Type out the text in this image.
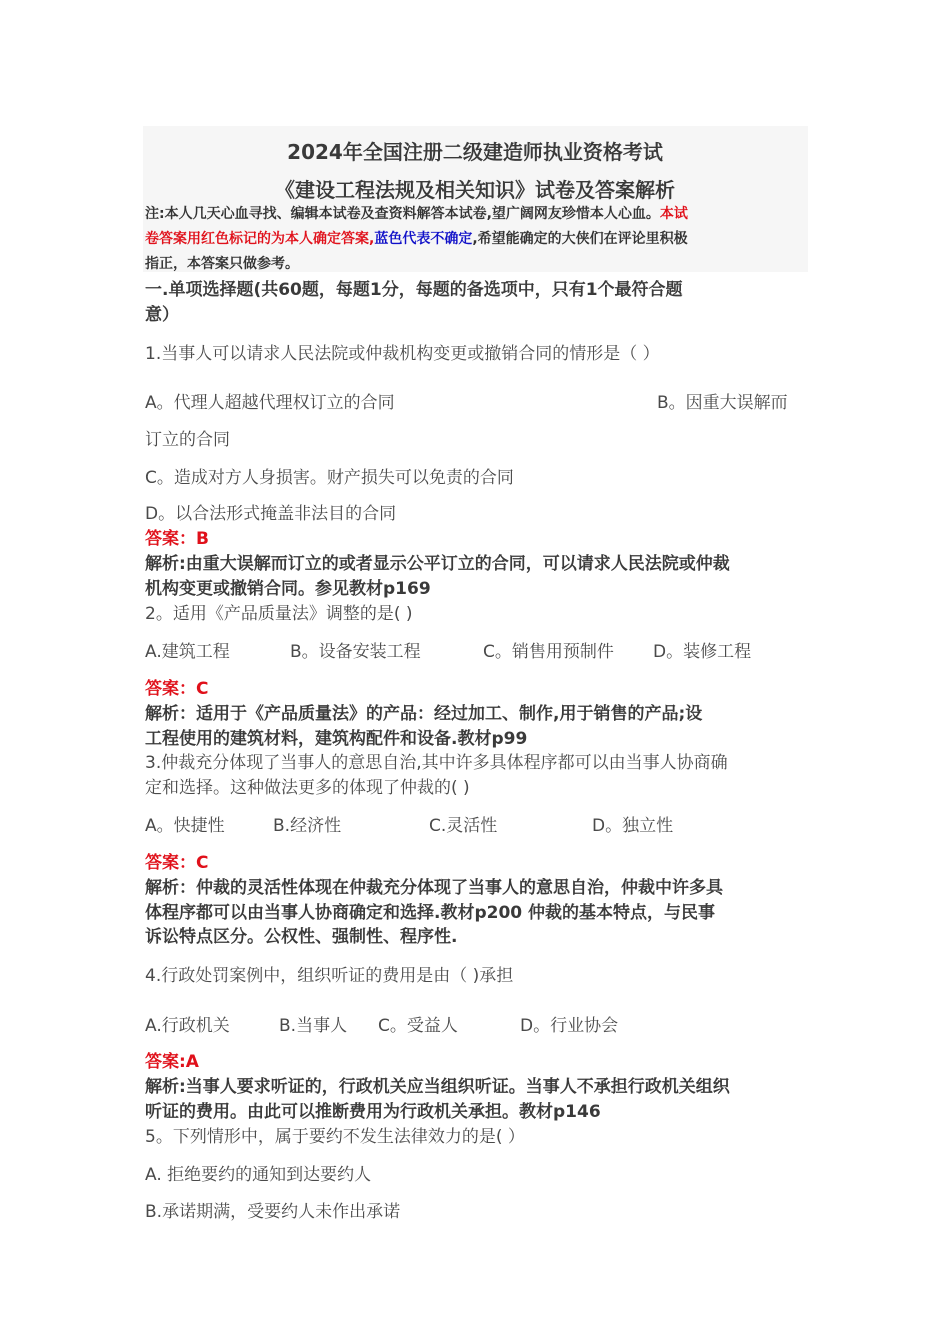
2024年全国注册二级建造师执业资格考试
《建设工程法规及相关知识》试卷及答案解析
注:本人几天心血寻找、编辑本试卷及查资料解答本试卷,望广阔网友珍惜本人心血。本试
卷答案用红色标记的为本人确定答案,蓝色代表不确定,希望能确定的大侠们在评论里积极
指正，本答案只做参考。
一.单项选择题(共60题，每题1分，每题的备选项中，只有1个最符合题
意）
1.当事人可以请求人民法院或仲裁机构变更或撤销合同的情形是（ ）
A。代理人超越代理权订立的合同	B。因重大误解而
订立的合同
C。造成对方人身损害。财产损失可以免责的合同
D。以合法形式掩盖非法目的合同
答案：B
解析:由重大误解而订立的或者显示公平订立的合同，可以请求人民法院或仲裁
机构变更或撤销合同。参见教材p169
2。适用《产品质量法》调整的是( )
A.建筑工程	B。设备安装工程	C。销售用预制件 D。装修工程
答案：C
解析：适用于《产品质量法》的产品：经过加工、制作,用于销售的产品;设
工程使用的建筑材料，建筑构配件和设备.教材p99
3.仲裁充分体现了当事人的意思自治,其中许多具体程序都可以由当事人协商确
定和选择。这种做法更多的体现了仲裁的( )
A。快捷性	B.经济性	C.灵活性	D。独立性
答案：C
解析：仲裁的灵活性体现在仲裁充分体现了当事人的意思自治，仲裁中许多具
体程序都可以由当事人协商确定和选择.教材p200 仲裁的基本特点，与民事
诉讼特点区分。公权性、强制性、程序性.
4.行政处罚案例中，组织听证的费用是由（ )承担
A.行政机关	B.当事人 C。受益人	D。行业协会
答案:A
解析:当事人要求听证的，行政机关应当组织听证。当事人不承担行政机关组织
听证的费用。由此可以推断费用为行政机关承担。教材p146
5。下列情形中，属于要约不发生法律效力的是( ）
A. 拒绝要约的通知到达要约人
B.承诺期满，受要约人未作出承诺
